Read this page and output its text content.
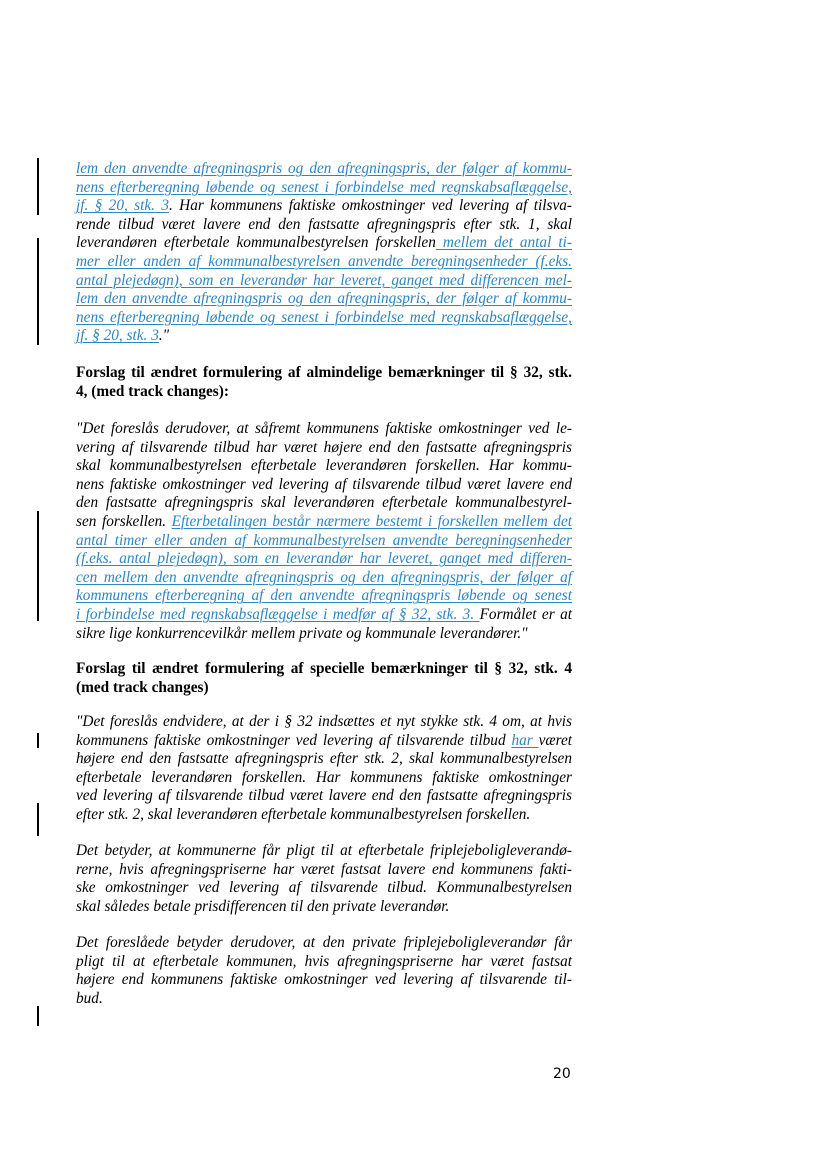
lem den anvendte afregningspris og den afregningspris, der følger af kommu-
nens efterberegning løbende og senest i forbindelse med regnskabsaflæggelse,
jf. § 20, stk. 3. Har kommunens faktiske omkostninger ved levering af tilsva-
rende tilbud været lavere end den fastsatte afregningspris efter stk. 1, skal
leverandøren efterbetale kommunalbestyrelsen forskellen mellem det antal ti-
mer eller anden af kommunalbestyrelsen anvendte beregningsenheder (f.eks.
antal plejedøgn), som en leverandør har leveret, ganget med differencen mel-
lem den anvendte afregningspris og den afregningspris, der følger af kommu-
nens efterberegning løbende og senest i forbindelse med regnskabsaflæggelse,
jf. § 20, stk. 3."
Forslag til ændret formulering af almindelige bemærkninger til § 32, stk.
4, (med track changes):
"Det foreslås derudover, at såfremt kommunens faktiske omkostninger ved le-
vering af tilsvarende tilbud har været højere end den fastsatte afregningspris
skal kommunalbestyrelsen efterbetale leverandøren forskellen. Har kommu-
nens faktiske omkostninger ved levering af tilsvarende tilbud været lavere end
den fastsatte afregningspris skal leverandøren efterbetale kommunalbestyrel-
sen forskellen. Efterbetalingen består nærmere bestemt i forskellen mellem det
antal timer eller anden af kommunalbestyrelsen anvendte beregningsenheder
(f.eks. antal plejedøgn), som en leverandør har leveret, ganget med differen-
cen mellem den anvendte afregningspris og den afregningspris, der følger af
kommunens efterberegning af den anvendte afregningspris løbende og senest
i forbindelse med regnskabsaflæggelse i medfør af § 32, stk. 3. Formålet er at
sikre lige konkurrencevilkår mellem private og kommunale leverandører."
Forslag til ændret formulering af specielle bemærkninger til § 32, stk. 4
(med track changes)
"Det foreslås endvidere, at der i § 32 indsættes et nyt stykke stk. 4 om, at hvis
kommunens faktiske omkostninger ved levering af tilsvarende tilbud har været
højere end den fastsatte afregningspris efter stk. 2, skal kommunalbestyrelsen
efterbetale leverandøren forskellen. Har kommunens faktiske omkostninger
ved levering af tilsvarende tilbud været lavere end den fastsatte afregningspris
efter stk. 2, skal leverandøren efterbetale kommunalbestyrelsen forskellen.
Det betyder, at kommunerne får pligt til at efterbetale friplejeboligleverandø-
rerne, hvis afregningspriserne har været fastsat lavere end kommunens fakti-
ske omkostninger ved levering af tilsvarende tilbud. Kommunalbestyrelsen
skal således betale prisdifferencen til den private leverandør.
Det foreslåede betyder derudover, at den private friplejeboligleverandør får
pligt til at efterbetale kommunen, hvis afregningspriserne har været fastsat
højere end kommunens faktiske omkostninger ved levering af tilsvarende til-
bud.
20
